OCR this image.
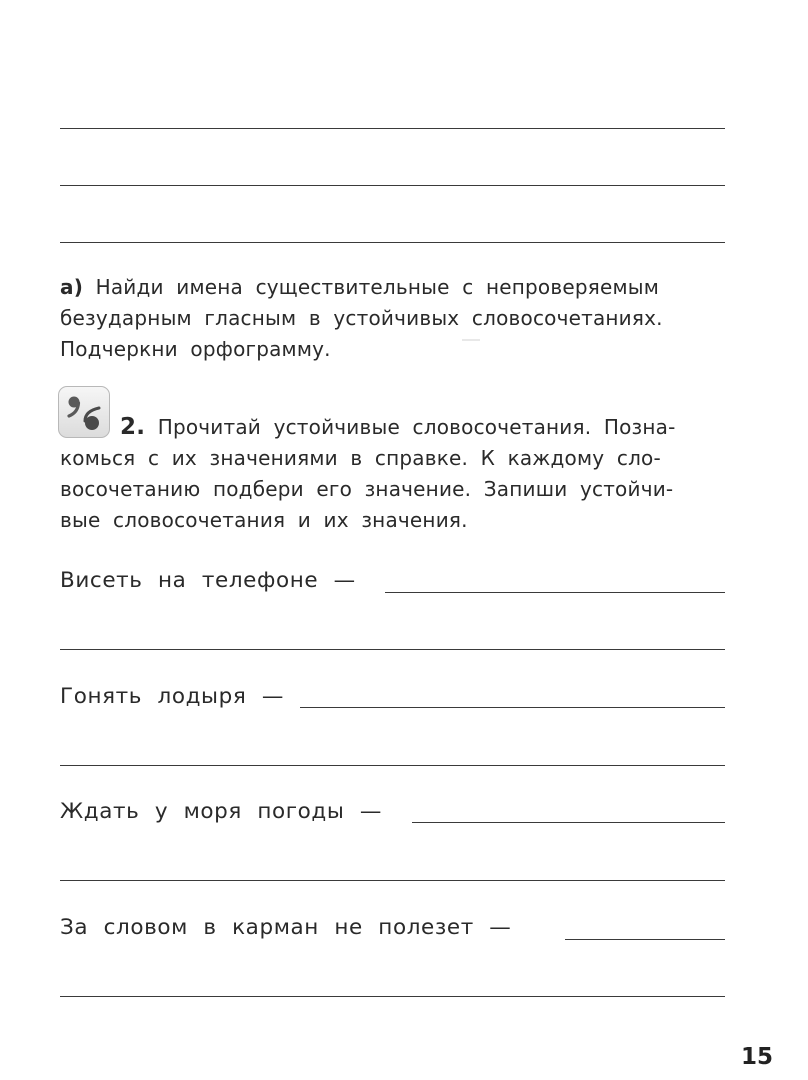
а) Найди имена существительные с непроверяемым
безударным гласным в устойчивых словосочетаниях.
Подчеркни орфограмму.
2. Прочитай устойчивые словосочетания. Позна-
комься с их значениями в справке. К каждому сло-
восочетанию подбери его значение. Запиши устойчи-
вые словосочетания и их значения.
Висеть на телефоне —
Гонять лодыря —
Ждать у моря погоды —
За словом в карман не полезет —
15
